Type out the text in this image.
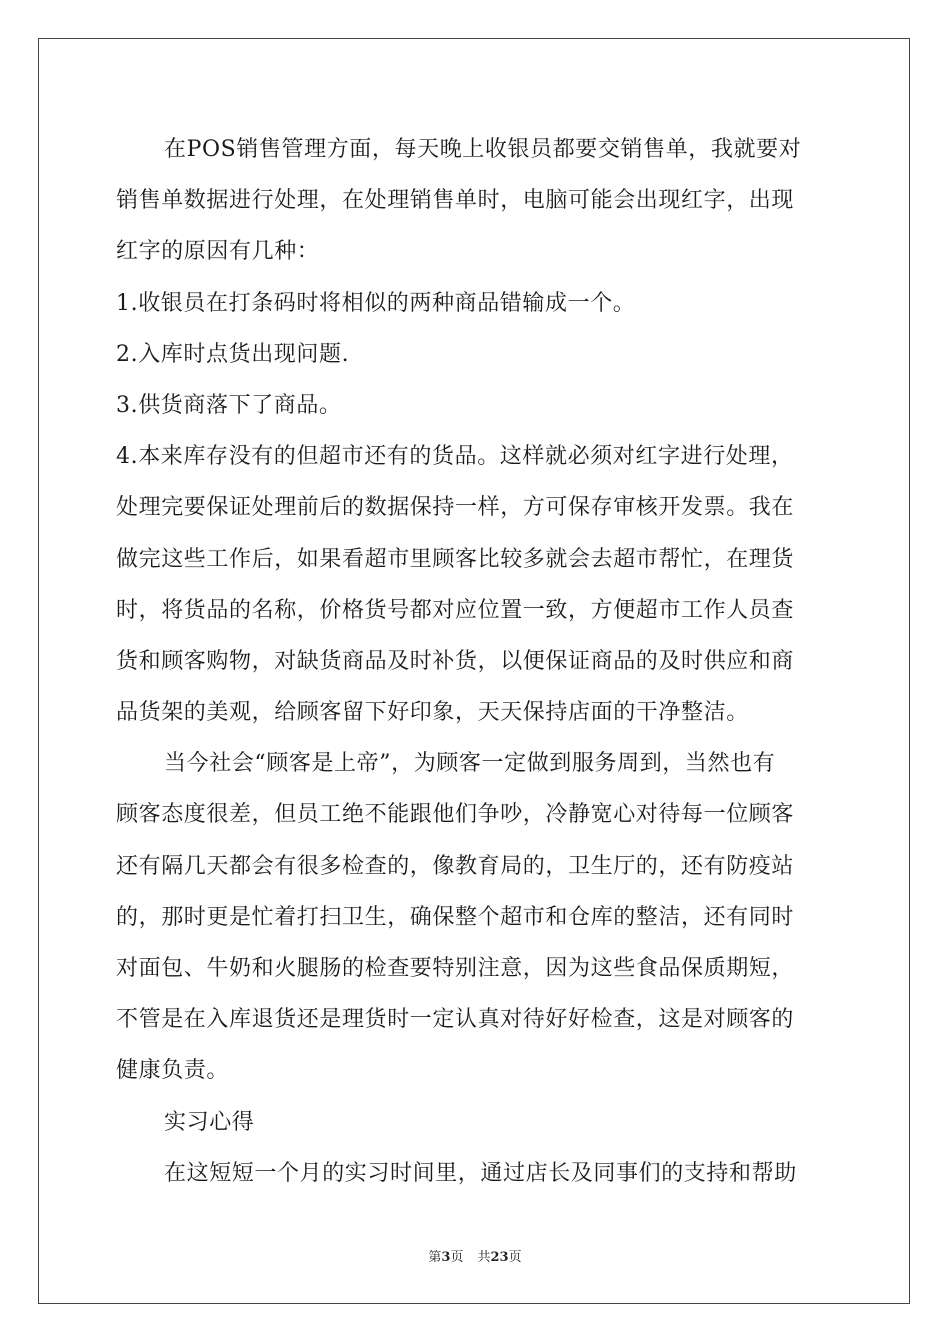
在POS销售管理方面，每天晚上收银员都要交销售单，我就要对
销售单数据进行处理，在处理销售单时，电脑可能会出现红字，出现
红字的原因有几种：
1.收银员在打条码时将相似的两种商品错输成一个。
2.入库时点货出现问题.
3.供货商落下了商品。
4.本来库存没有的但超市还有的货品。这样就必须对红字进行处理，
处理完要保证处理前后的数据保持一样，方可保存审核开发票。我在
做完这些工作后，如果看超市里顾客比较多就会去超市帮忙，在理货
时，将货品的名称，价格货号都对应位置一致，方便超市工作人员查
货和顾客购物，对缺货商品及时补货，以便保证商品的及时供应和商
品货架的美观，给顾客留下好印象，天天保持店面的干净整洁。
当今社会“顾客是上帝”，为顾客一定做到服务周到，当然也有
顾客态度很差，但员工绝不能跟他们争吵，冷静宽心对待每一位顾客
还有隔几天都会有很多检查的，像教育局的，卫生厅的，还有防疫站
的，那时更是忙着打扫卫生，确保整个超市和仓库的整洁，还有同时
对面包、牛奶和火腿肠的检查要特别注意，因为这些食品保质期短，
不管是在入库退货还是理货时一定认真对待好好检查，这是对顾客的
健康负责。
实习心得
在这短短一个月的实习时间里，通过店长及同事们的支持和帮助
第3页 共23页
